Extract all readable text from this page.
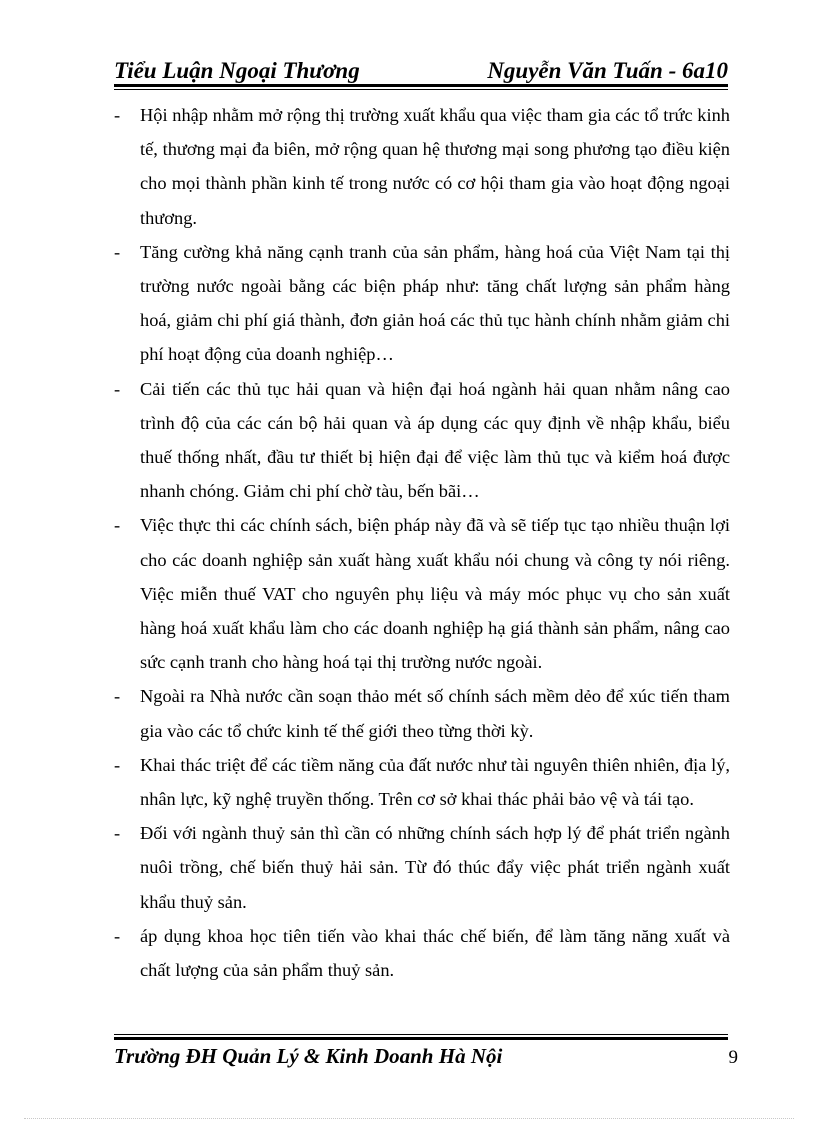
Tiểu Luận Ngoại Thương	Nguyễn Văn Tuấn - 6a10
- Hội nhập nhằm mở rộng thị trường xuất khẩu qua việc tham gia các tổ trức kinh tế, thương mại đa biên, mở rộng quan hệ thương mại song phương tạo điều kiện cho mọi thành phần kinh tế trong nước có cơ hội tham gia vào hoạt động ngoại thương.
- Tăng cường khả năng cạnh tranh của sản phẩm, hàng hoá của Việt Nam tại thị trường nước ngoài bằng các biện pháp như: tăng chất lượng sản phẩm hàng hoá, giảm chi phí giá thành, đơn giản hoá các thủ tục hành chính nhằm giảm chi phí hoạt động của doanh nghiệp…
- Cải tiến các thủ tục hải quan và hiện đại hoá ngành hải quan nhằm nâng cao trình độ của các cán bộ hải quan và áp dụng các quy định về nhập khẩu, biểu thuế thống nhất, đầu tư thiết bị hiện đại để việc làm thủ tục và kiểm hoá được nhanh chóng. Giảm chi phí chờ tàu, bến bãi…
- Việc thực thi các chính sách, biện pháp này đã và sẽ tiếp tục tạo nhiều thuận lợi cho các doanh nghiệp sản xuất hàng xuất khẩu nói chung và công ty nói riêng. Việc miễn thuế VAT cho nguyên phụ liệu và máy móc phục vụ cho sản xuất hàng hoá xuất khẩu làm cho các doanh nghiệp hạ giá thành sản phẩm, nâng cao sức cạnh tranh cho hàng hoá tại thị trường nước ngoài.
- Ngoài ra Nhà nước cần soạn thảo mét số chính sách mềm dẻo để xúc tiến tham gia vào các tổ chức kinh tế thế giới theo từng thời kỳ.
- Khai thác triệt để các tiềm năng của đất nước như tài nguyên thiên nhiên, địa lý, nhân lực, kỹ nghệ truyền thống. Trên cơ sở khai thác phải bảo vệ và tái tạo.
- Đối với ngành thuỷ sản thì cần có những chính sách hợp lý để phát triển ngành nuôi trồng, chế biến thuỷ hải sản. Từ đó thúc đẩy việc phát triển ngành xuất khẩu thuỷ sản.
- áp dụng khoa học tiên tiến vào khai thác chế biến, để làm tăng năng xuất và chất lượng của sản phẩm thuỷ sản.
Trường ĐH Quản Lý & Kinh Doanh Hà Nội	9
